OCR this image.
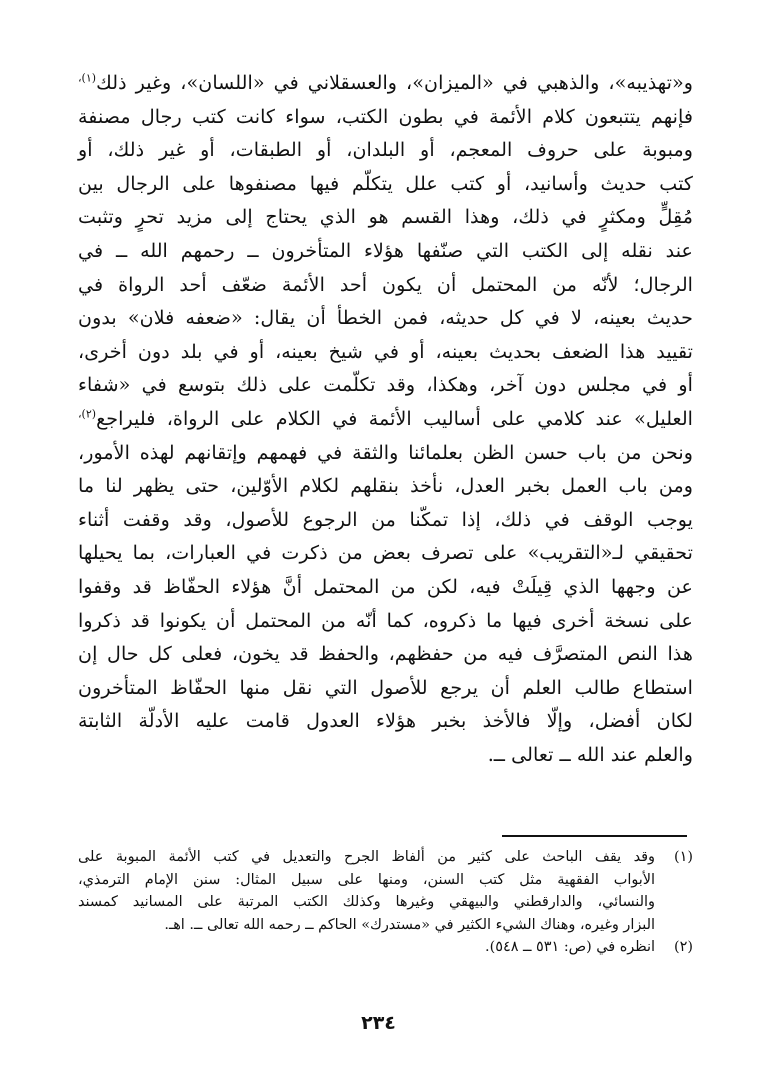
و«تهذيبه»، والذهبي في «الميزان»، والعسقلاني في «اللسان»، وغير ذلك$^{(١)،}$
فإنهم يتتبعون كلام الأئمة في بطون الكتب، سواء كانت كتب رجال مصنفة
ومبوبة على حروف المعجم، أو البلدان، أو الطبقات، أو غير ذلك، أو
كتب حديث وأسانيد، أو كتب علل يتكلّم فيها مصنفوها على الرجال بين
مُقِلٍّ ومكثرٍ في ذلك، وهذا القسم هو الذي يحتاج إلى مزيد تحرٍ وتثبت
عند نقله إلى الكتب التي صنّفها هؤلاء المتأخرون ــ رحمهم الله ــ في
الرجال؛ لأنّه من المحتمل أن يكون أحد الأئمة ضعّف أحد الرواة في
حديث بعينه، لا في كل حديثه، فمن الخطأ أن يقال: «ضعفه فلان» بدون
تقييد هذا الضعف بحديث بعينه، أو في شيخ بعينه، أو في بلد دون أخرى،
أو في مجلس دون آخر، وهكذا، وقد تكلّمت على ذلك بتوسع في «شفاء
العليل» عند كلامي على أساليب الأئمة في الكلام على الرواة، فليراجع$^{(٢)،}$
ونحن من باب حسن الظن بعلمائنا والثقة في فهمهم وإتقانهم لهذه الأمور،
ومن باب العمل بخبر العدل، نأخذ بنقلهم لكلام الأوّلين، حتى يظهر لنا ما
يوجب الوقف في ذلك، إذا تمكّنا من الرجوع للأصول، وقد وقفت أثناء
تحقيقي لـ«التقريب» على تصرف بعض من ذكرت في العبارات، بما يحيلها
عن وجهها الذي قِيلَتْ فيه، لكن من المحتمل أنَّ هؤلاء الحفّاظ قد وقفوا
على نسخة أخرى فيها ما ذكروه، كما أنّه من المحتمل أن يكونوا قد ذكروا
هذا النص المتصرَّف فيه من حفظهم، والحفظ قد يخون، فعلى كل حال إن
استطاع طالب العلم أن يرجع للأصول التي نقل منها الحفّاظ المتأخرون
لكان أفضل، وإلّا فالأخذ بخبر هؤلاء العدول قامت عليه الأدلّة الثابتة
والعلم عند الله ــ تعالى ــ.
(١)
وقد يقف الباحث على كثير من ألفاظ الجرح والتعديل في كتب الأئمة المبوبة على
الأبواب الفقهية مثل كتب السنن، ومنها على سبيل المثال: سنن الإمام الترمذي،
والنسائي، والدارقطني والبيهقي وغيرها وكذلك الكتب المرتبة على المسانيد كمسند
البزار وغيره، وهناك الشيء الكثير في «مستدرك» الحاكم ــ رحمه الله تعالى ــ. اهـ.
(٢)
انظره في (ص: ٥٣١ ــ ٥٤٨).
٢٣٤
